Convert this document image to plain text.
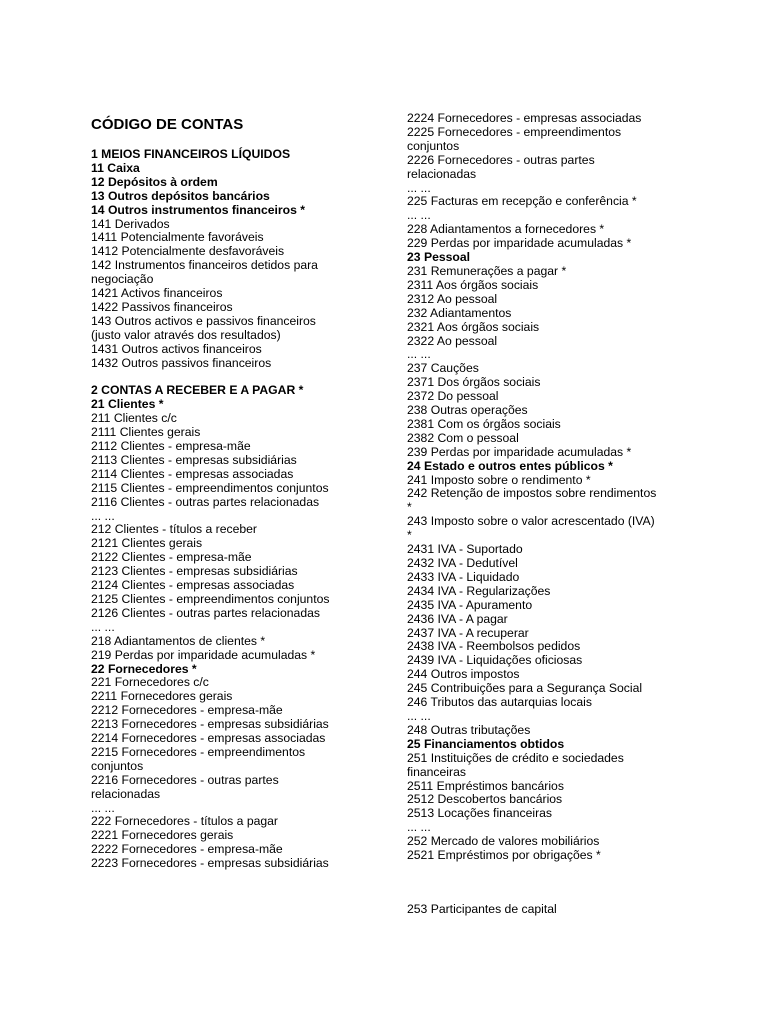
CÓDIGO DE CONTAS
1 MEIOS FINANCEIROS LÍQUIDOS
11 Caixa
12 Depósitos à ordem
13 Outros depósitos bancários
14 Outros instrumentos financeiros *
141 Derivados
1411 Potencialmente favoráveis
1412 Potencialmente desfavoráveis
142 Instrumentos financeiros detidos para
negociação
1421 Activos financeiros
1422 Passivos financeiros
143 Outros activos e passivos financeiros
(justo valor através dos resultados)
1431 Outros activos financeiros
1432 Outros passivos financeiros
2 CONTAS A RECEBER E A PAGAR *
21 Clientes *
211 Clientes c/c
2111 Clientes gerais
2112 Clientes - empresa-mãe
2113 Clientes - empresas subsidiárias
2114 Clientes - empresas associadas
2115 Clientes - empreendimentos conjuntos
2116 Clientes - outras partes relacionadas
... ...
212 Clientes - títulos a receber
2121 Clientes gerais
2122 Clientes - empresa-mãe
2123 Clientes - empresas subsidiárias
2124 Clientes - empresas associadas
2125 Clientes - empreendimentos conjuntos
2126 Clientes - outras partes relacionadas
... ...
218 Adiantamentos de clientes *
219 Perdas por imparidade acumuladas *
22 Fornecedores *
221 Fornecedores c/c
2211 Fornecedores gerais
2212 Fornecedores - empresa-mãe
2213 Fornecedores - empresas subsidiárias
2214 Fornecedores - empresas associadas
2215 Fornecedores - empreendimentos
conjuntos
2216 Fornecedores - outras partes
relacionadas
... ...
222 Fornecedores - títulos a pagar
2221 Fornecedores gerais
2222 Fornecedores - empresa-mãe
2223 Fornecedores - empresas subsidiárias
2224 Fornecedores - empresas associadas
2225 Fornecedores - empreendimentos
conjuntos
2226 Fornecedores - outras partes
relacionadas
... ...
225 Facturas em recepção e conferência *
... ...
228 Adiantamentos a fornecedores *
229 Perdas por imparidade acumuladas *
23 Pessoal
231 Remunerações a pagar *
2311 Aos órgãos sociais
2312 Ao pessoal
232 Adiantamentos
2321 Aos órgãos sociais
2322 Ao pessoal
... ...
237 Cauções
2371 Dos órgãos sociais
2372 Do pessoal
238 Outras operações
2381 Com os órgãos sociais
2382 Com o pessoal
239 Perdas por imparidade acumuladas *
24 Estado e outros entes públicos *
241 Imposto sobre o rendimento *
242 Retenção de impostos sobre rendimentos
*
243 Imposto sobre o valor acrescentado (IVA)
*
2431 IVA - Suportado
2432 IVA - Dedutível
2433 IVA - Liquidado
2434 IVA - Regularizações
2435 IVA - Apuramento
2436 IVA - A pagar
2437 IVA - A recuperar
2438 IVA - Reembolsos pedidos
2439 IVA - Liquidações oficiosas
244 Outros impostos
245 Contribuições para a Segurança Social
246 Tributos das autarquias locais
... ...
248 Outras tributações
25 Financiamentos obtidos
251 Instituições de crédito e sociedades
financeiras
2511 Empréstimos bancários
2512 Descobertos bancários
2513 Locações financeiras
... ...
252 Mercado de valores mobiliários
2521 Empréstimos por obrigações *
253 Participantes de capital
